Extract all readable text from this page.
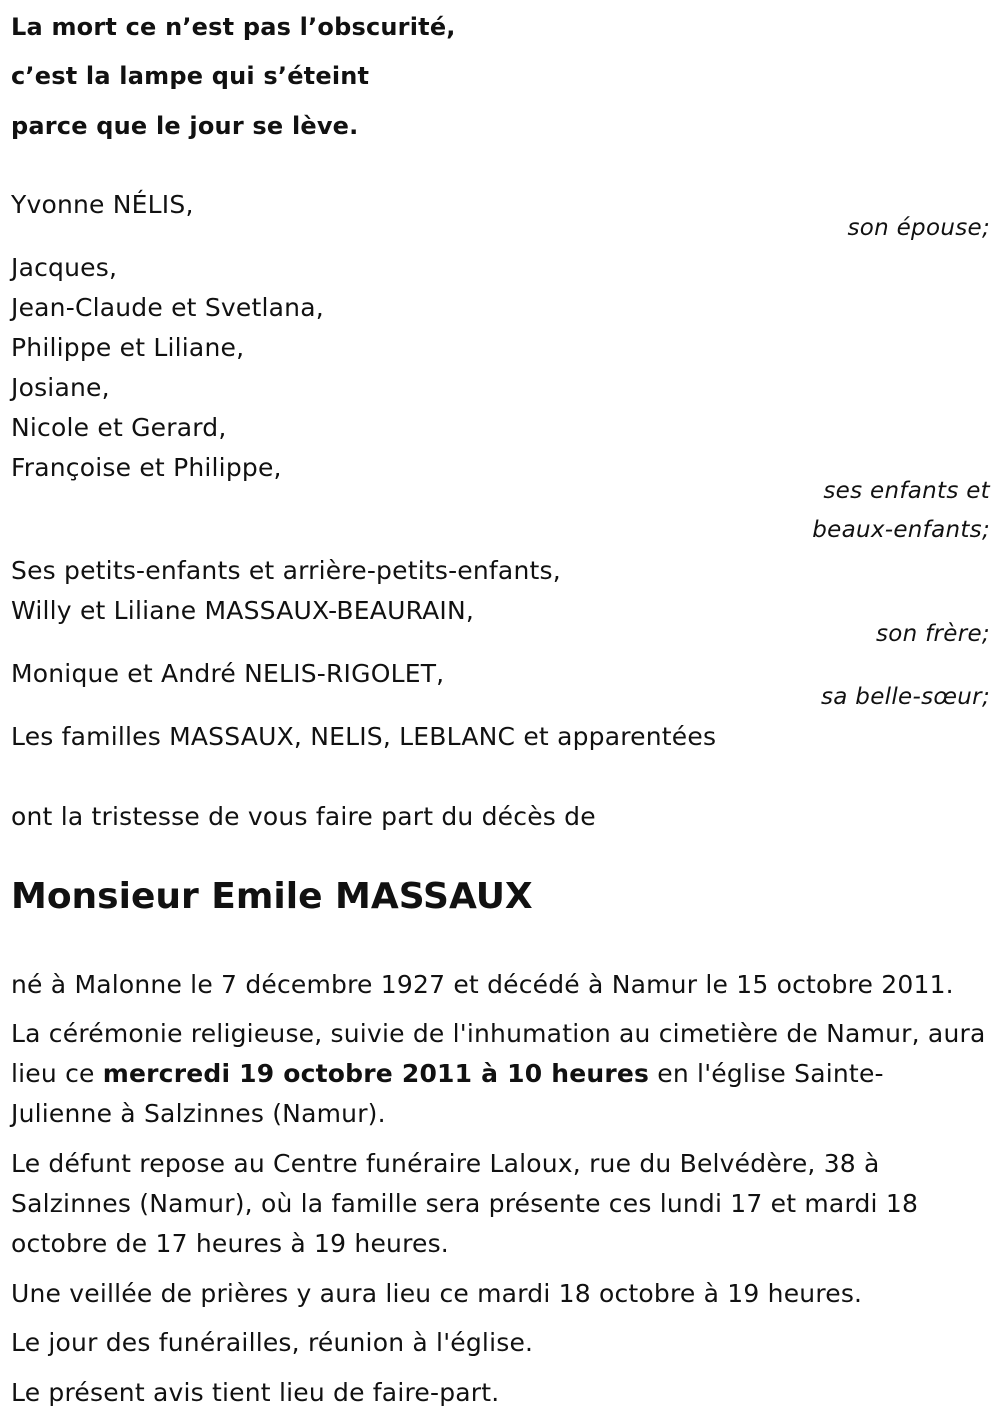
La mort ce n’est pas l’obscurité,
c’est la lampe qui s’éteint
parce que le jour se lève.
Yvonne NÉLIS,
son épouse;
Jacques,
Jean-Claude et Svetlana,
Philippe et Liliane,
Josiane,
Nicole et Gerard,
Françoise et Philippe,
ses enfants et
beaux-enfants;
Ses petits-enfants et arrière-petits-enfants,
Willy et Liliane MASSAUX-BEAURAIN,
son frère;
Monique et André NELIS-RIGOLET,
sa belle-sœur;
Les familles MASSAUX, NELIS, LEBLANC et apparentées
ont la tristesse de vous faire part du décès de
Monsieur Emile MASSAUX
né à Malonne le 7 décembre 1927 et décédé à Namur le 15 octobre 2011.
La cérémonie religieuse, suivie de l'inhumation au cimetière de Namur, aura lieu ce mercredi 19 octobre 2011 à 10 heures en l'église Sainte-Julienne à Salzinnes (Namur).
Le défunt repose au Centre funéraire Laloux, rue du Belvédère, 38 à Salzinnes (Namur), où la famille sera présente ces lundi 17 et mardi 18 octobre de 17 heures à 19 heures.
Une veillée de prières y aura lieu ce mardi 18 octobre à 19 heures.
Le jour des funérailles, réunion à l'église.
Le présent avis tient lieu de faire-part.
